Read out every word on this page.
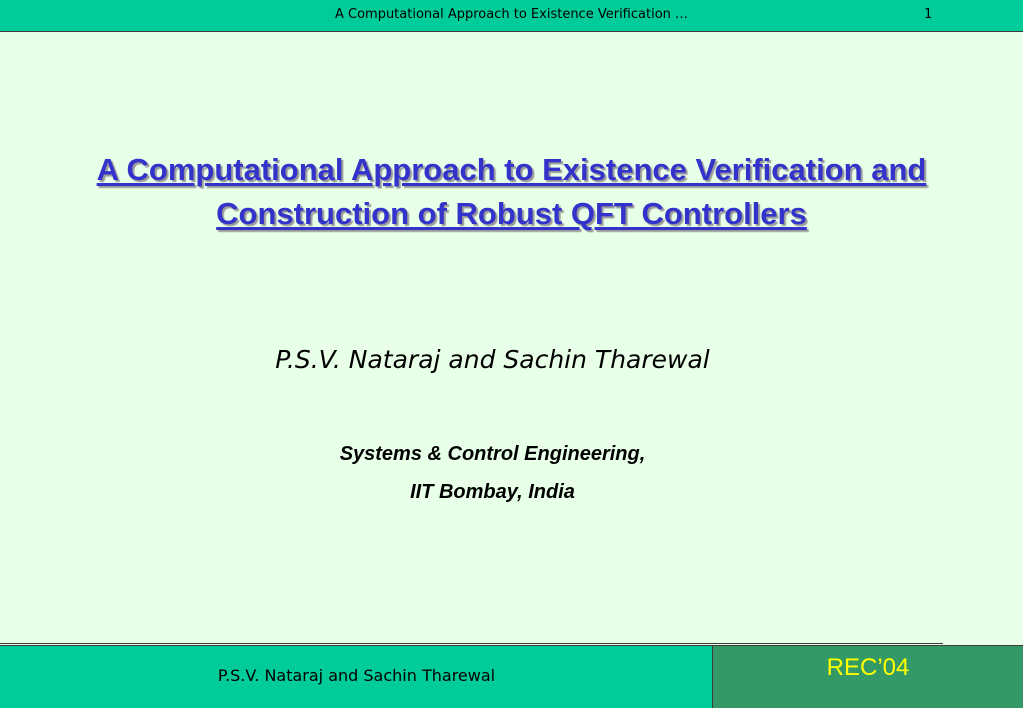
A Computational Approach to Existence Verification …	1
A Computational Approach to Existence Verification and
Construction of Robust QFT Controllers
P.S.V. Nataraj and Sachin Tharewal
Systems & Control Engineering,
IIT Bombay, India
P.S.V. Nataraj and Sachin Tharewal	REC’04
